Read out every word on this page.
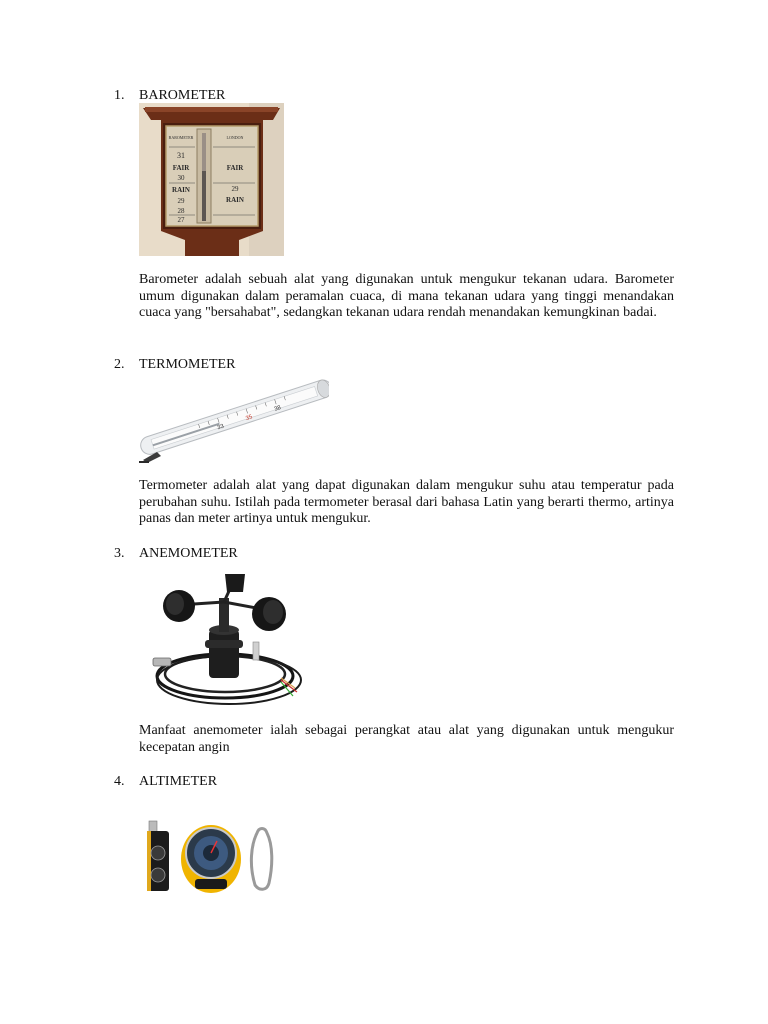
1. BAROMETER
BAROMETER
31
FAIR
30
RAIN
29
28
27
LONDON
FAIR
29
RAIN

Barometer adalah sebuah alat yang digunakan untuk mengukur tekanan udara. Barometer umum digunakan dalam peramalan cuaca, di mana tekanan udara yang tinggi menandakan cuaca yang "bersahabat", sedangkan tekanan udara rendah menandakan kemungkinan badai.

2. TERMOMETER
33
35
38

Termometer adalah alat yang dapat digunakan dalam mengukur suhu atau temperatur pada perubahan suhu. Istilah pada termometer berasal dari bahasa Latin yang berarti thermo, artinya panas dan meter artinya untuk mengukur.

3. ANEMOMETER

Manfaat anemometer ialah sebagai perangkat atau alat yang digunakan untuk mengukur kecepatan angin

4. ALTIMETER
